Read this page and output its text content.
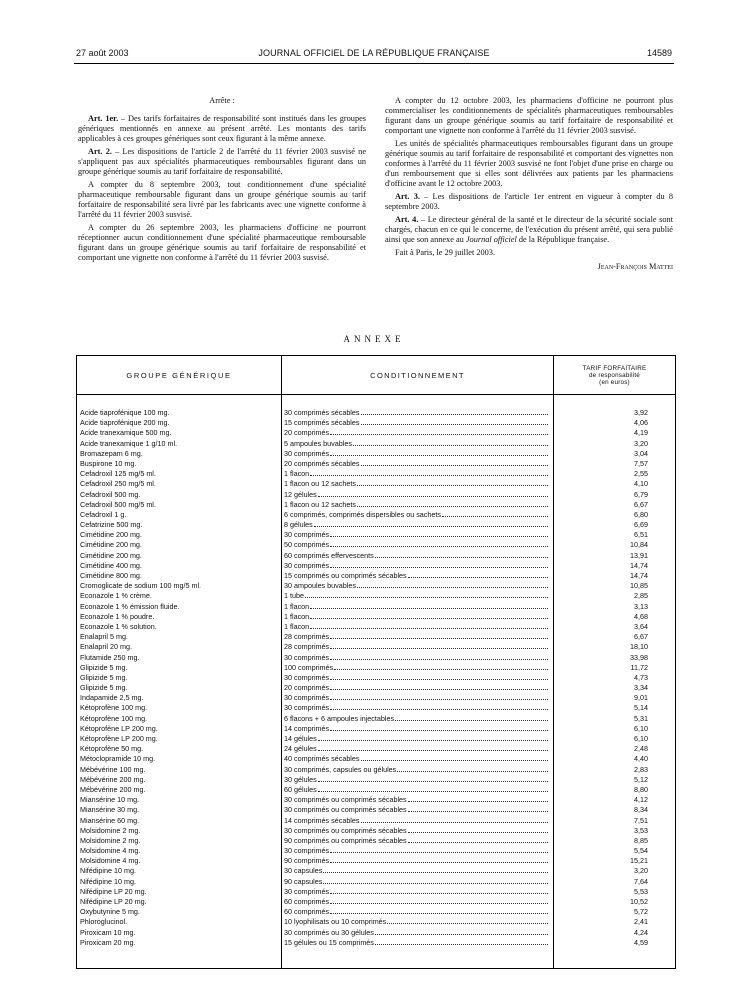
27 août 2003	JOURNAL OFFICIEL DE LA RÉPUBLIQUE FRANÇAISE	14589

Arrête :

Art. 1er. – Des tarifs forfaitaires de responsabilité sont institués dans les groupes génériques mentionnés en annexe au présent arrêté. Les montants des tarifs applicables à ces groupes génériques sont ceux figurant à la même annexe.

Art. 2. – Les dispositions de l'article 2 de l'arrêté du 11 février 2003 susvisé ne s'appliquent pas aux spécialités pharmaceutiques remboursables figurant dans un groupe générique soumis au tarif forfaitaire de responsabilité.

A compter du 8 septembre 2003, tout conditionnement d'une spécialité pharmaceutique remboursable figurant dans un groupe générique soumis au tarif forfaitaire de responsabilité sera livré par les fabricants avec une vignette conforme à l'arrêté du 11 février 2003 susvisé.

A compter du 26 septembre 2003, les pharmaciens d'officine ne pourront réceptionner aucun conditionnement d'une spécialité pharmaceutique remboursable figurant dans un groupe générique soumis au tarif forfaitaire de responsabilité et comportant une vignette non conforme à l'arrêté du 11 février 2003 susvisé.

A compter du 12 octobre 2003, les pharmaciens d'officine ne pourront plus commercialiser les conditionnements de spécialités pharmaceutiques remboursables figurant dans un groupe générique soumis au tarif forfaitaire de responsabilité et comportant une vignette non conforme à l'arrêté du 11 février 2003 susvisé.

Les unités de spécialités pharmaceutiques remboursables figurant dans un groupe générique soumis au tarif forfaitaire de responsabilité et comportant des vignettes non conformes à l'arrêté du 11 février 2003 susvisé ne font l'objet d'une prise en charge ou d'un remboursement que si elles sont délivrées aux patients par les pharmaciens d'officine avant le 12 octobre 2003.

Art. 3. – Les dispositions de l'article 1er entrent en vigueur à compter du 8 septembre 2003.

Art. 4. – Le directeur général de la santé et le directeur de la sécurité sociale sont chargés, chacun en ce qui le concerne, de l'exécution du présent arrêté, qui sera publié ainsi que son annexe au Journal officiel de la République française.

Fait à Paris, le 29 juillet 2003.

Jean-François Mattei

ANNEXE
GROUPE GÉNÉRIQUE	CONDITIONNEMENT
TARIF FORFAITAIRE
de responsabilité
(en euros)
Acide tiaprofénique 100 mg.	30 comprimés sécables	3,92
Acide tiaprofénique 200 mg.	15 comprimés sécables	4,06
Acide tranexamique 500 mg.	20 comprimés	4,19
Acide tranexamique 1 g/10 ml.	5 ampoules buvables	3,20
Bromazepam 6 mg.	30 comprimés	3,04
Buspirone 10 mg.	20 comprimés sécables	7,57
Cefadroxil 125 mg/5 ml.	1 flacon	2,55
Cefadroxil 250 mg/5 ml.	1 flacon ou 12 sachets	4,10
Cefadroxil 500 mg.	12 gélules	6,79
Cefadroxil 500 mg/5 ml.	1 flacon ou 12 sachets	6,67
Cefadroxil 1 g.	6 comprimés, comprimés dispersibles ou sachets	6,80
Cefatrizine 500 mg.	8 gélules	6,69
Cimétidine 200 mg.	30 comprimés	6,51
Cimétidine 200 mg.	50 comprimés	10,84
Cimétidine 200 mg.	60 comprimés effervescents	13,91
Cimétidine 400 mg.	30 comprimés	14,74
Cimétidine 800 mg.	15 comprimés ou comprimés sécables	14,74
Cromoglicate de sodium 100 mg/5 ml.	30 ampoules buvables	10,85
Econazole 1 % crème.	1 tube	2,85
Econazole 1 % émission fluide.	1 flacon	3,13
Econazole 1 % poudre.	1 flacon	4,68
Econazole 1 % solution.	1 flacon	3,64
Enalapril 5 mg.	28 comprimés	6,67
Enalapril 20 mg.	28 comprimés	18,10
Flutamide 250 mg.	30 comprimés	33,98
Glipizide 5 mg.	100 comprimés	11,72
Glipizide 5 mg.	30 comprimés	4,73
Glipizide 5 mg.	20 comprimés	3,34
Indapamide 2,5 mg.	30 comprimés	9,01
Kétoprofène 100 mg.	30 comprimés	5,14
Kétoprofène 100 mg.	6 flacons + 6 ampoules injectables	5,31
Kétoprofène LP 200 mg.	14 comprimés	6,10
Kétoprofène LP 200 mg.	14 gélules	6,10
Kétoprofène 50 mg.	24 gélules	2,48
Métoclopramide 10 mg.	40 comprimés sécables	4,40
Mébévérine 100 mg.	30 comprimés, capsules ou gélules	2,83
Mébévérine 200 mg.	30 gélules	5,12
Mébévérine 200 mg.	60 gélules	8,80
Miansérine 10 mg.	30 comprimés ou comprimés sécables	4,12
Miansérine 30 mg.	30 comprimés ou comprimés sécables	8,34
Miansérine 60 mg.	14 comprimés sécables	7,51
Molsidomine 2 mg.	30 comprimés ou comprimés sécables	3,53
Molsidomine 2 mg.	90 comprimés ou comprimés sécables	8,85
Molsidomine 4 mg.	30 comprimés	5,54
Molsidomine 4 mg.	90 comprimés	15,21
Nifédipine 10 mg.	30 capsules	3,20
Nifédipine 10 mg.	90 capsules	7,64
Nifédipine LP 20 mg.	30 comprimés	5,53
Nifédipine LP 20 mg.	60 comprimés	10,52
Oxybutynine 5 mg.	60 comprimés	5,72
Phloroglucinol.	10 lyophilisats ou 10 comprimés	2,41
Piroxicam 10 mg.	30 comprimés ou 30 gélules	4,24
Piroxicam 20 mg.	15 gélules ou 15 comprimés	4,59
